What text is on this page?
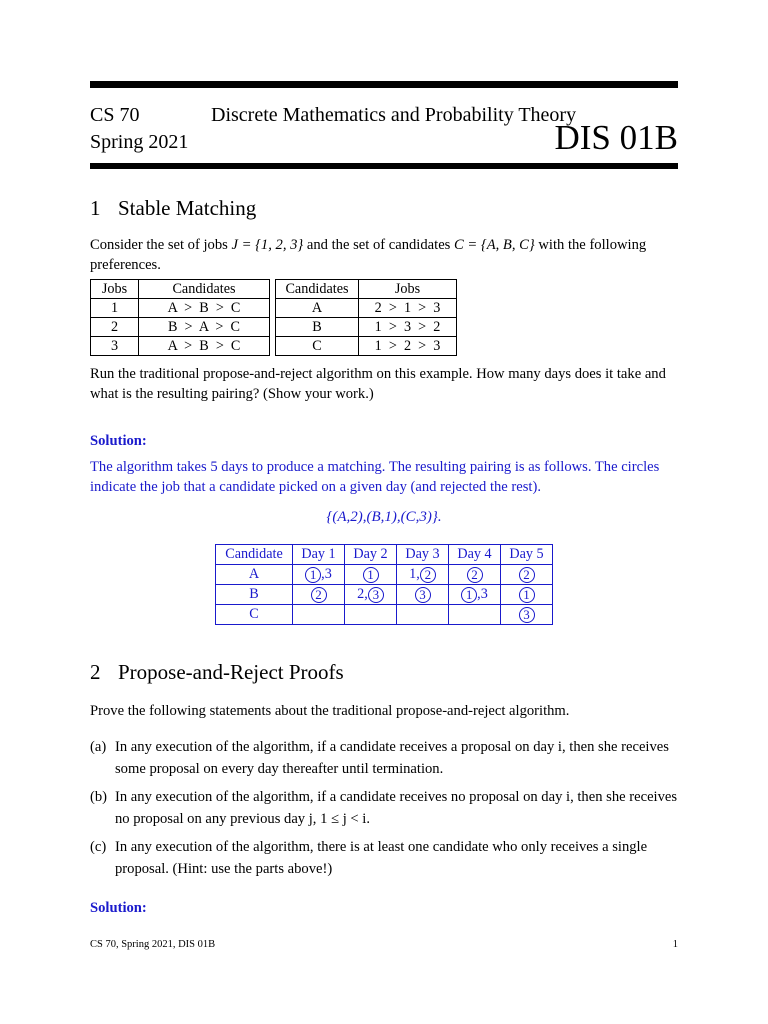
CS 70	Discrete Mathematics and Probability Theory
Spring 2021	DIS 01B
1 Stable Matching
Consider the set of jobs J = {1, 2, 3} and the set of candidates C = {A, B, C} with the following
preferences.
Jobs	Candidates
1	A  >  B  >  C
2	B  >  A  >  C
3	A  >  B  >  C
Candidates	Jobs
A	2  >  1  >  3
B	1  >  3  >  2
C	1  >  2  >  3
Run the traditional propose-and-reject algorithm on this example. How many days does it take and
what is the resulting pairing? (Show your work.)
Solution:
The algorithm takes 5 days to produce a matching. The resulting pairing is as follows. The circles
indicate the job that a candidate picked on a given day (and rejected the rest).
{(A,2),(B,1),(C,3)}.
Candidate	Day 1	Day 2	Day 3	Day 4	Day 5
A	1 ,3	1	1, 2	2	2
B	2	2, 3	3	1 ,3	1
C					3
2 Propose-and-Reject Proofs
Prove the following statements about the traditional propose-and-reject algorithm.
(a) In any execution of the algorithm, if a candidate receives a proposal on day i, then she receives
some proposal on every day thereafter until termination.
(b) In any execution of the algorithm, if a candidate receives no proposal on day i, then she receives
no proposal on any previous day j, 1 ≤ j < i.
(c) In any execution of the algorithm, there is at least one candidate who only receives a single
proposal. (Hint: use the parts above!)
Solution:
CS 70, Spring 2021, DIS 01B	1
